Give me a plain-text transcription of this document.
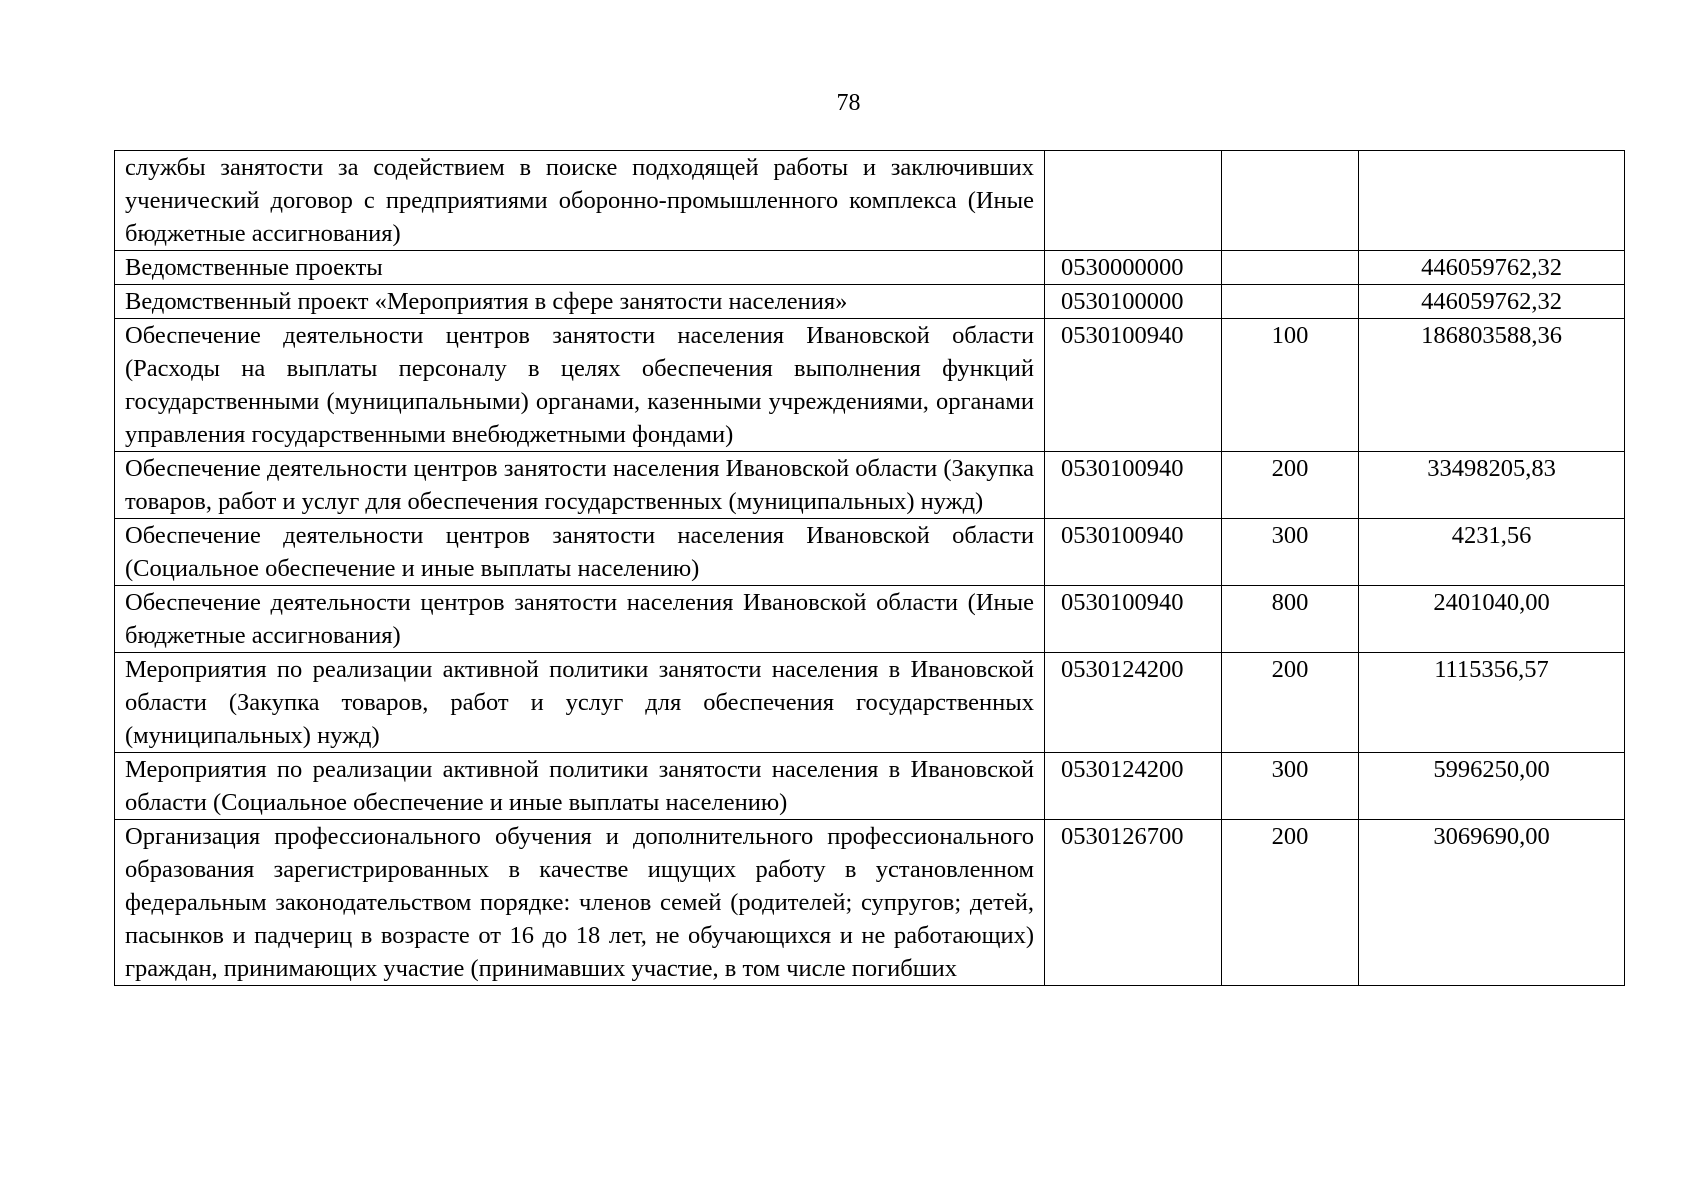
78
службы занятости за содействием в поиске подходящей работы и заключивших ученический договор с предприятиями оборонно-промышленного комплекса (Иные бюджетные ассигнования)			
Ведомственные проекты	0530000000		446059762,32
Ведомственный проект «Мероприятия в сфере занятости населения»	0530100000		446059762,32
Обеспечение деятельности центров занятости населения Ивановской области (Расходы на выплаты персоналу в целях обеспечения выполнения функций государственными (муниципальными) органами, казенными учреждениями, органами управления государственными внебюджетными фондами)	0530100940	100	186803588,36
Обеспечение деятельности центров занятости населения Ивановской области (Закупка товаров, работ и услуг для обеспечения государственных (муниципальных) нужд)	0530100940	200	33498205,83
Обеспечение деятельности центров занятости населения Ивановской области (Социальное обеспечение и иные выплаты населению)	0530100940	300	4231,56
Обеспечение деятельности центров занятости населения Ивановской области (Иные бюджетные ассигнования)	0530100940	800	2401040,00
Мероприятия по реализации активной политики занятости населения в Ивановской области (Закупка товаров, работ и услуг для обеспечения государственных (муниципальных) нужд)	0530124200	200	1115356,57
Мероприятия по реализации активной политики занятости населения в Ивановской области (Социальное обеспечение и иные выплаты населению)	0530124200	300	5996250,00
Организация профессионального обучения и дополнительного профессионального образования зарегистрированных в качестве ищущих работу в установленном федеральным законодательством порядке: членов семей (родителей; супругов; детей, пасынков и падчериц в возрасте от 16 до 18 лет, не обучающихся и не работающих) граждан, принимающих участие (принимавших участие, в том числе погибших	0530126700	200	3069690,00
